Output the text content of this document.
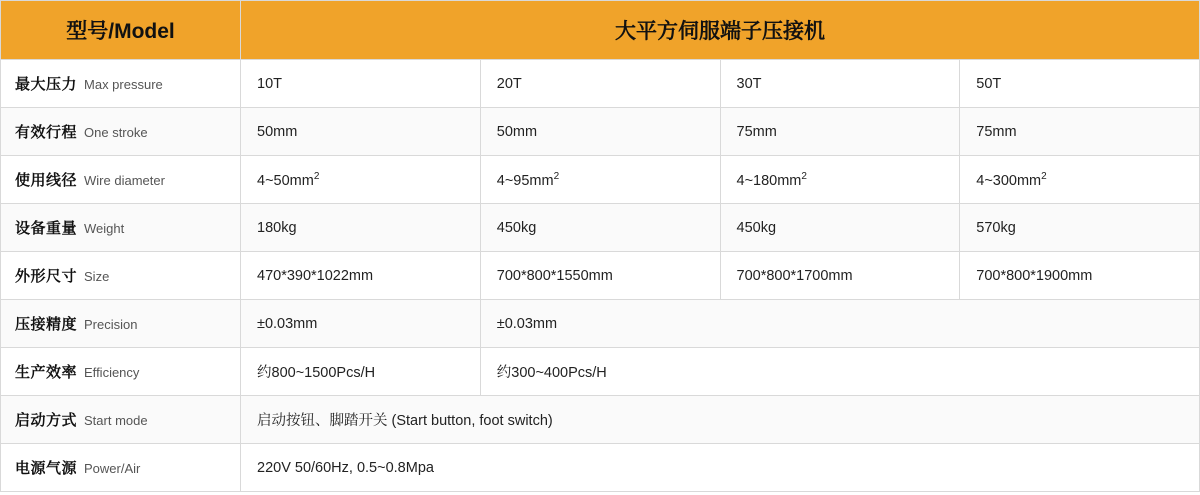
型号/Model	大平方伺服端子压接机			
最大压力 Max pressure	10T	20T	30T	50T
有效行程 One stroke	50mm	50mm	75mm	75mm
使用线径 Wire diameter	$4\sim 50mm^2$	$4\sim 95mm^2$	$4\sim 180mm^2$	$4\sim 300mm^2$
设备重量 Weight	180kg	450kg	450kg	570kg
外形尺寸 Size	470*390*1022mm	700*800*1550mm	700*800*1700mm	700*800*1900mm
压接精度 Precision	±0.03mm	±0.03mm		
生产效率 Efficiency	约800~1500Pcs/H	约300~400Pcs/H		
启动方式 Start mode	启动按钮、脚踏开关 (Start button, foot switch)			
电源气源 Power/Air	220V 50/60Hz, 0.5~0.8Mpa			
